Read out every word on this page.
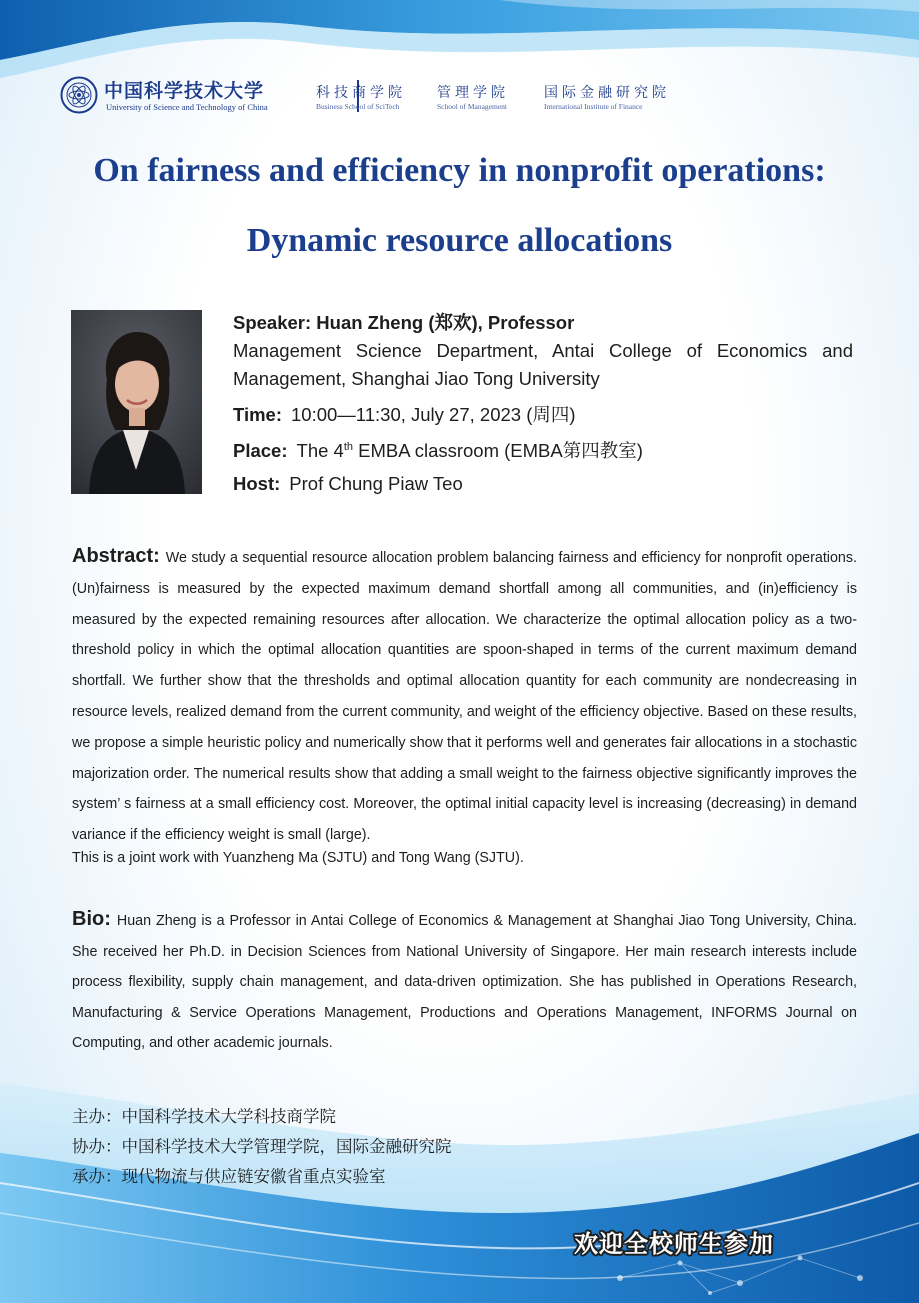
中国科学技术大学
University of Science and Technology of China
科技商学院
Business School of SciTech
管理学院
School of Management
国际金融研究院
International Institute of Finance
On fairness and efficiency in nonprofit operations:
Dynamic resource allocations
Speaker: Huan Zheng (郑欢), Professor
Management Science Department, Antai College of Economics and Management, Shanghai Jiao Tong University
Time: 10:00—11:30, July 27, 2023 (周四)
Place: The 4th EMBA classroom (EMBA第四教室)
Host: Prof Chung Piaw Teo
Abstract: We study a sequential resource allocation problem balancing fairness and efficiency for nonprofit operations. (Un)fairness is measured by the expected maximum demand shortfall among all communities, and (in)efficiency is measured by the expected remaining resources after allocation. We characterize the optimal allocation policy as a two-threshold policy in which the optimal allocation quantities are spoon-shaped in terms of the current maximum demand shortfall. We further show that the thresholds and optimal allocation quantity for each community are nondecreasing in resource levels, realized demand from the current community, and weight of the efficiency objective. Based on these results, we propose a simple heuristic policy and numerically show that it performs well and generates fair allocations in a stochastic majorization order. The numerical results show that adding a small weight to the fairness objective significantly improves the system’ s fairness at a small efficiency cost. Moreover, the optimal initial capacity level is increasing (decreasing) in demand variance if the efficiency weight is small (large).
This is a joint work with Yuanzheng Ma (SJTU) and Tong Wang (SJTU).
Bio: Huan Zheng is a Professor in Antai College of Economics & Management at Shanghai Jiao Tong University, China. She received her Ph.D. in Decision Sciences from National University of Singapore. Her main research interests include process flexibility, supply chain management, and data-driven optimization. She has published in Operations Research, Manufacturing & Service Operations Management, Productions and Operations Management, INFORMS Journal on Computing, and other academic journals.
主办：中国科学技术大学科技商学院
协办：中国科学技术大学管理学院，国际金融研究院
承办：现代物流与供应链安徽省重点实验室
欢迎全校师生参加
